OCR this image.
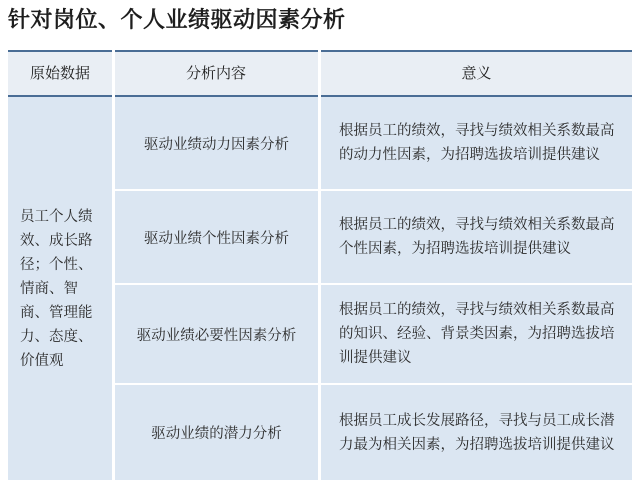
针对岗位、个人业绩驱动因素分析
原始数据	分析内容	意义
员工个人绩效、成长路径；个性、情商、智商、管理能力、态度、价值观
驱动业绩动力因素分析
根据员工的绩效，寻找与绩效相关系数最高的动力性因素，为招聘选拔培训提供建议
驱动业绩个性因素分析
根据员工的绩效，寻找与绩效相关系数最高个性因素，为招聘选拔培训提供建议
驱动业绩必要性因素分析
根据员工的绩效，寻找与绩效相关系数最高的知识、经验、背景类因素，为招聘选拔培训提供建议
驱动业绩的潜力分析
根据员工成长发展路径，寻找与员工成长潜力最为相关因素，为招聘选拔培训提供建议
